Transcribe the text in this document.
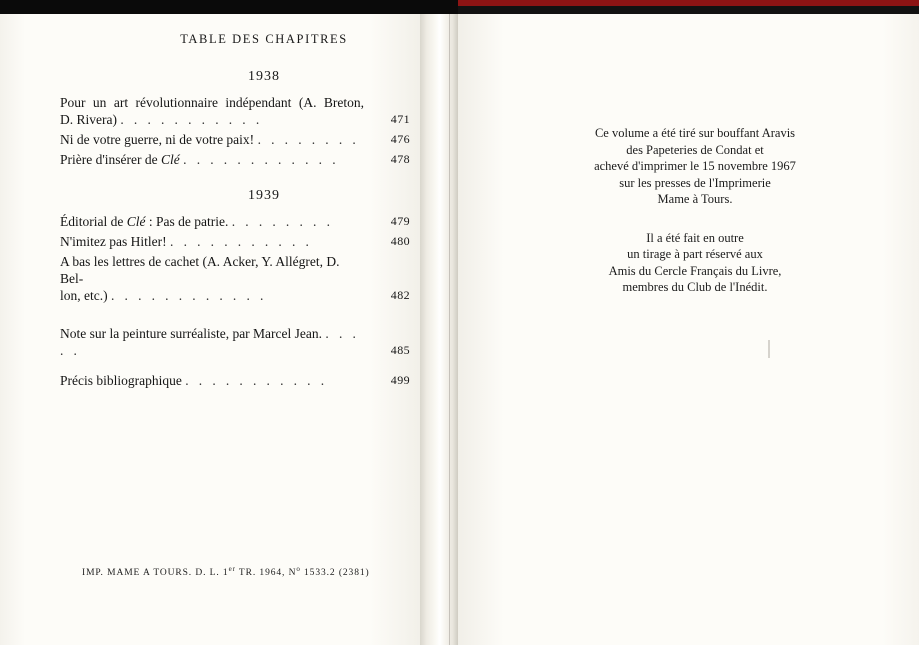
TABLE DES CHAPITRES
1938
Pour un art révolutionnaire indépendant (A. Breton,
D. Rivera) . . . . . . . . . . .	471
Ni de votre guerre, ni de votre paix! . . . . . . . .	476
Prière d'insérer de Clé . . . . . . . . . . . .	478
1939
Éditorial de Clé : Pas de patrie. . . . . . . . .	479
N'imitez pas Hitler! . . . . . . . . . . .	480
A bas les lettres de cachet (A. Acker, Y. Allégret, D. Bel-
lon, etc.) . . . . . . . . . . . .	482
Note sur la peinture surréaliste, par Marcel Jean. . . . . .	485
Précis bibliographique . . . . . . . . . . .	499
IMP. MAME A TOURS. D. L. 1er TR. 1964, $N^o$ 1533.2 (2381)

Ce volume a été tiré sur bouffant Aravis

des Papeteries de Condat et

achevé d'imprimer le 15 novembre 1967

sur les presses de l'Imprimerie

Mame à Tours.

Il a été fait en outre

un tirage à part réservé aux

Amis du Cercle Français du Livre,

membres du Club de l'Inédit.
